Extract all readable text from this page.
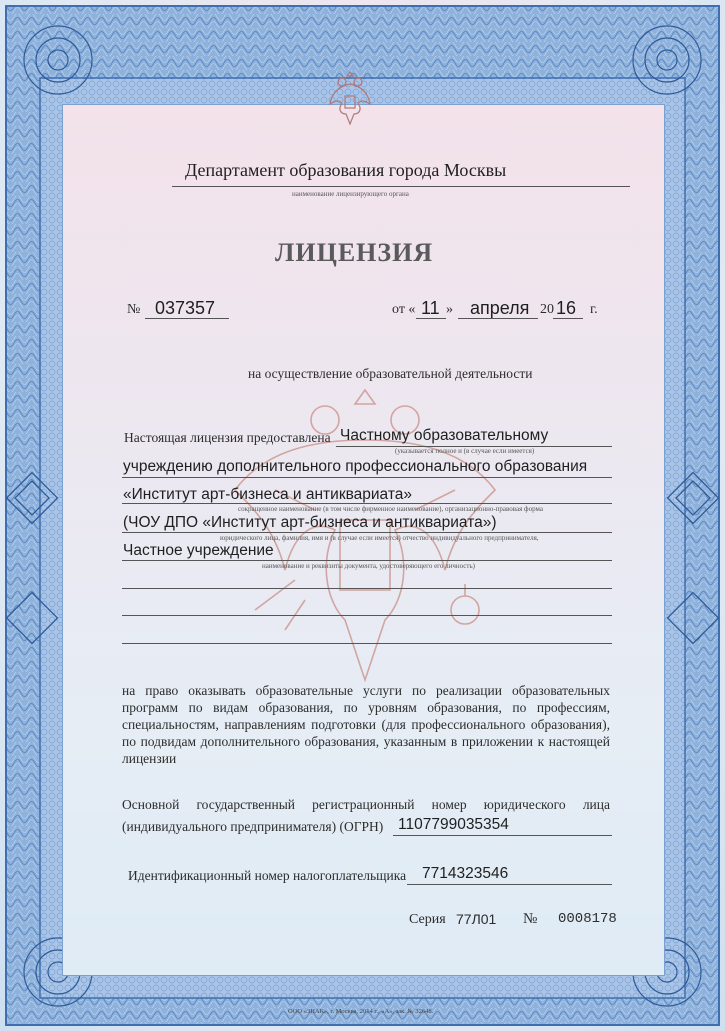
Департамент образования города Москвы
наименование лицензирующего органа
ЛИЦЕНЗИЯ
№ 037357	от « 11 » апреля 20 16 г.
на осуществление образовательной деятельности
Настоящая лицензия предоставлена Частному образовательному
(указывается полное и (в случае если имеется)
учреждению дополнительного профессионального образования
«Институт арт-бизнеса и антиквариата»
сокращенное наименование (в том числе фирменное наименование), организационно-правовая форма
(ЧОУ ДПО «Институт арт-бизнеса и антиквариата»)
юридического лица, фамилия, имя и (в случае если имеется) отчество индивидуального предпринимателя,
Частное учреждение
наименование и реквизиты документа, удостоверяющего его личность)
на право оказывать образовательные услуги по реализации образовательных программ по видам образования, по уровням образования, по профессиям, специальностям, направлениям подготовки (для профессионального образования), по подвидам дополнительного образования, указанным в приложении к настоящей лицензии
Основной государственный регистрационный номер юридического лица
(индивидуального предпринимателя) (ОГРН) 1107799035354
Идентификационный номер налогоплательщика 7714323546
Серия 77Л01 № 0008178
ООО «ЗНАК», г. Москва, 2014 г., «А», зак. № 32648.
